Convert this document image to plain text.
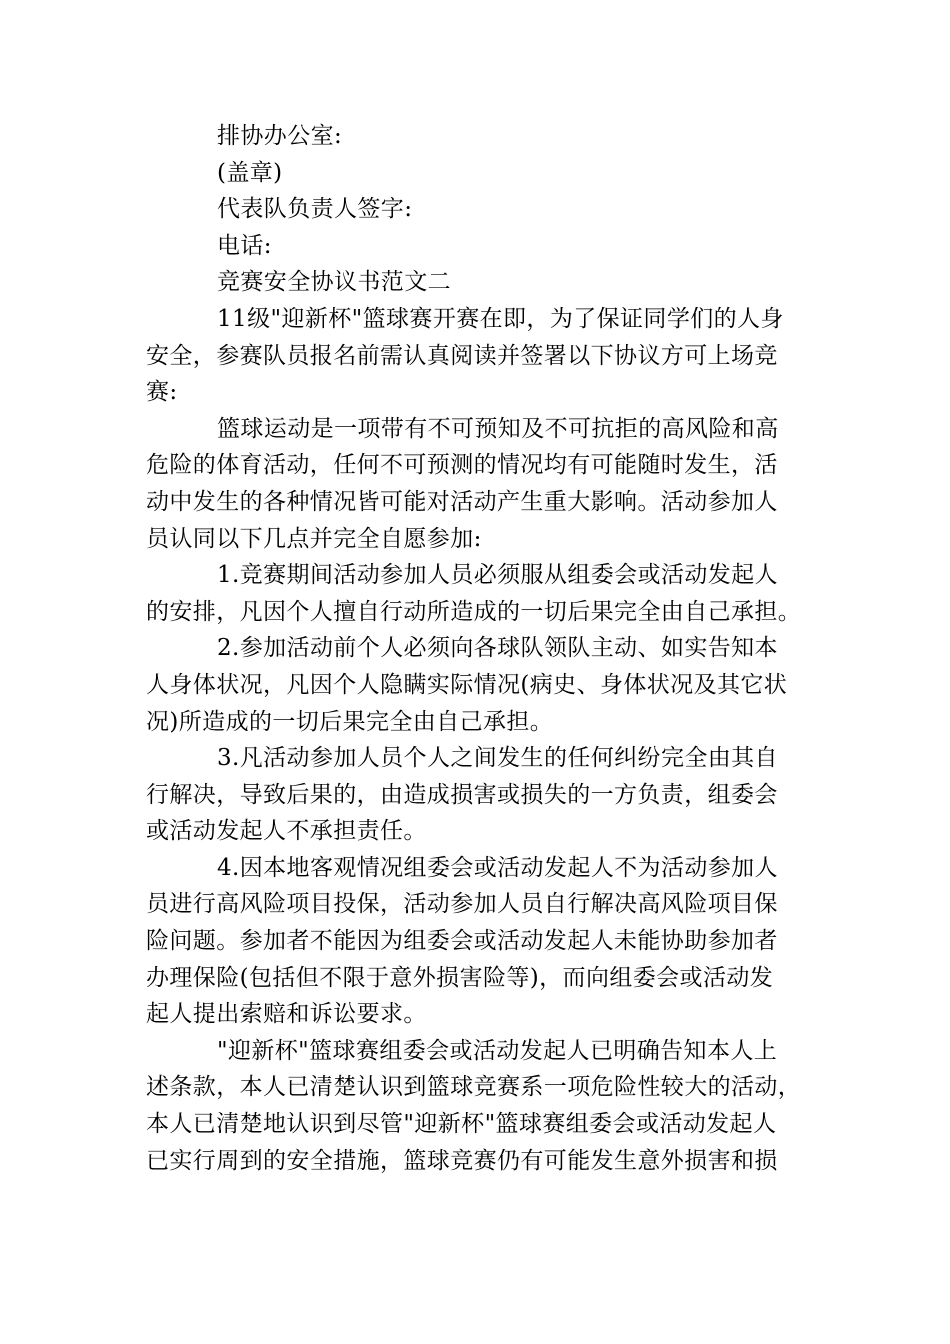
排协办公室:
(盖章)
代表队负责人签字:
电话:
竞赛安全协议书范文二
11级"迎新杯"篮球赛开赛在即，为了保证同学们的人身
安全，参赛队员报名前需认真阅读并签署以下协议方可上场竞
赛:
篮球运动是一项带有不可预知及不可抗拒的高风险和高
危险的体育活动，任何不可预测的情况均有可能随时发生，活
动中发生的各种情况皆可能对活动产生重大影响。活动参加人
员认同以下几点并完全自愿参加:
1.竞赛期间活动参加人员必须服从组委会或活动发起人
的安排，凡因个人擅自行动所造成的一切后果完全由自己承担。
2.参加活动前个人必须向各球队领队主动、如实告知本
人身体状况，凡因个人隐瞒实际情况(病史、身体状况及其它状
况)所造成的一切后果完全由自己承担。
3.凡活动参加人员个人之间发生的任何纠纷完全由其自
行解决，导致后果的，由造成损害或损失的一方负责，组委会
或活动发起人不承担责任。
4.因本地客观情况组委会或活动发起人不为活动参加人
员进行高风险项目投保，活动参加人员自行解决高风险项目保
险问题。参加者不能因为组委会或活动发起人未能协助参加者
办理保险(包括但不限于意外损害险等)，而向组委会或活动发
起人提出索赔和诉讼要求。
"迎新杯"篮球赛组委会或活动发起人已明确告知本人上
述条款，本人已清楚认识到篮球竞赛系一项危险性较大的活动，
本人已清楚地认识到尽管"迎新杯"篮球赛组委会或活动发起人
已实行周到的安全措施，篮球竞赛仍有可能发生意外损害和损
